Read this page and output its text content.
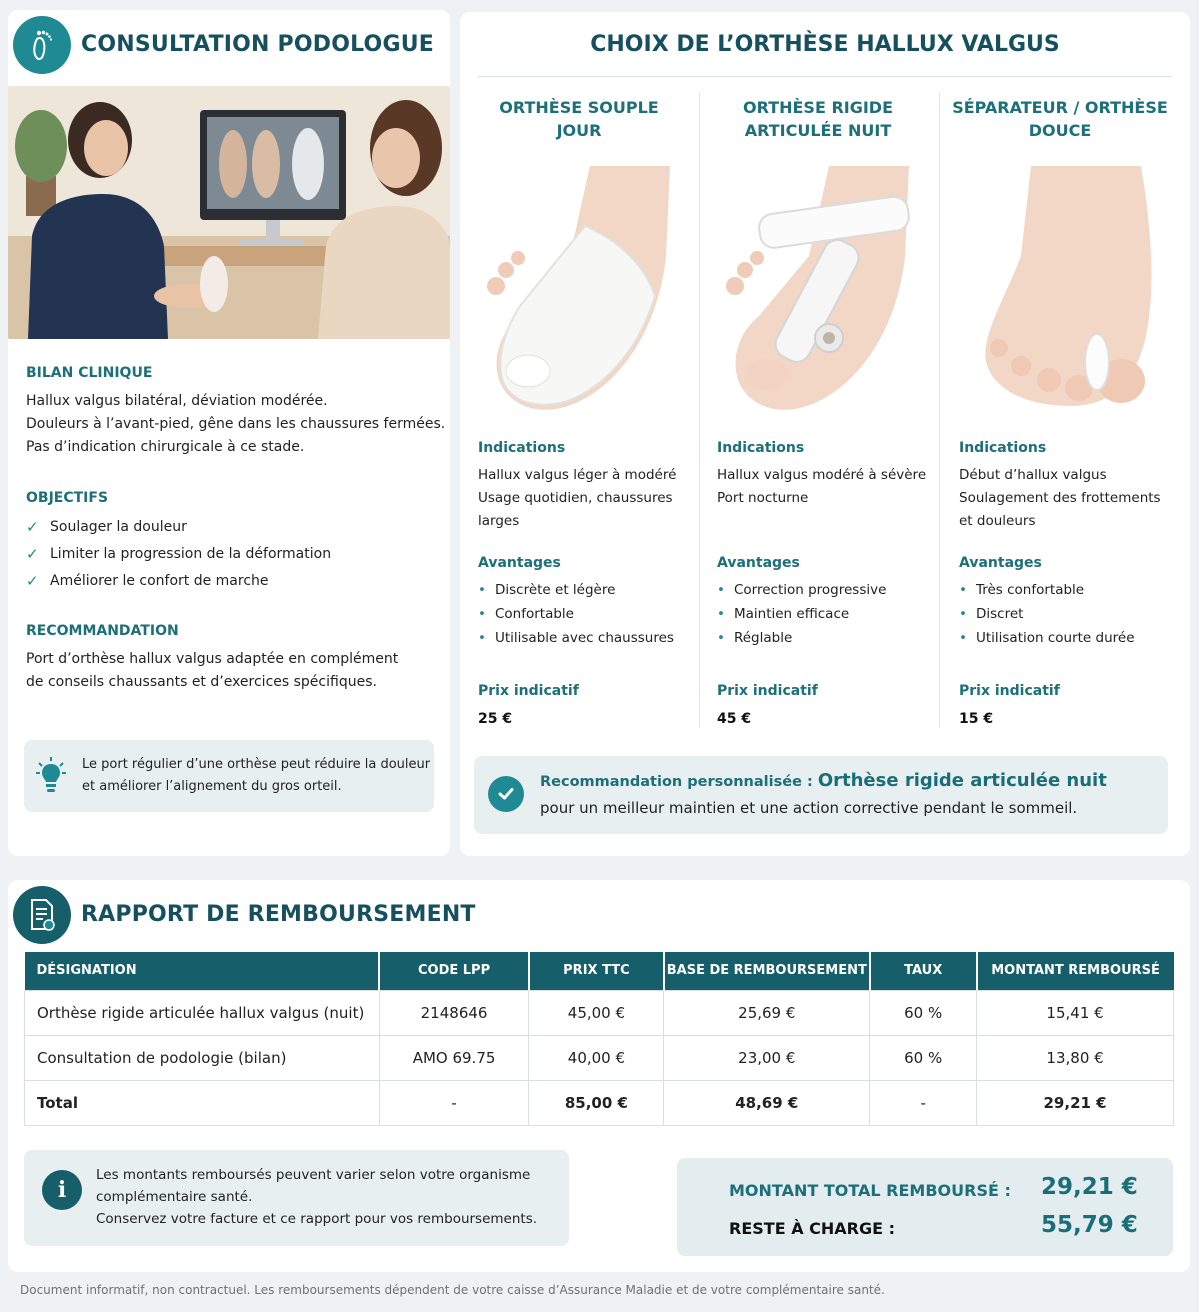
CONSULTATION PODOLOGUE
BILAN CLINIQUE
Hallux valgus bilatéral, déviation modérée.
Douleurs à l’avant-pied, gêne dans les chaussures fermées.
Pas d’indication chirurgicale à ce stade.
OBJECTIFS
✓ Soulager la douleur
✓ Limiter la progression de la déformation
✓ Améliorer le confort de marche
RECOMMANDATION
Port d’orthèse hallux valgus adaptée en complément
de conseils chaussants et d’exercices spécifiques.
Le port régulier d’une orthèse peut réduire la douleur
et améliorer l’alignement du gros orteil.
CHOIX DE L’ORTHÈSE HALLUX VALGUS
ORTHÈSE SOUPLE
JOUR
Indications
Hallux valgus léger à modéré
Usage quotidien, chaussures
larges
Avantages
• Discrète et légère
• Confortable
• Utilisable avec chaussures
Prix indicatif
25 €
ORTHÈSE RIGIDE
ARTICULÉE NUIT
Indications
Hallux valgus modéré à sévère
Port nocturne
Avantages
• Correction progressive
• Maintien efficace
• Réglable
Prix indicatif
45 €
SÉPARATEUR / ORTHÈSE
DOUCE
Indications
Début d’hallux valgus
Soulagement des frottements
et douleurs
Avantages
• Très confortable
• Discret
• Utilisation courte durée
Prix indicatif
15 €
Recommandation personnalisée : Orthèse rigide articulée nuit
pour un meilleur maintien et une action corrective pendant le sommeil.
RAPPORT DE REMBOURSEMENT
DÉSIGNATION	CODE LPP	PRIX TTC	BASE DE REMBOURSEMENT	TAUX	MONTANT REMBOURSÉ
Orthèse rigide articulée hallux valgus (nuit)	2148646	45,00 €	25,69 €	60 %	15,41 €
Consultation de podologie (bilan)	AMO 69.75	40,00 €	23,00 €	60 %	13,80 €
Total	-	85,00 €	48,69 €	-	29,21 €
i
Les montants remboursés peuvent varier selon votre organisme
complémentaire santé.
Conservez votre facture et ce rapport pour vos remboursements.
MONTANT TOTAL REMBOURSÉ : 29,21 €
RESTE À CHARGE :	55,79 €
Document informatif, non contractuel. Les remboursements dépendent de votre caisse d’Assurance Maladie et de votre complémentaire santé.
